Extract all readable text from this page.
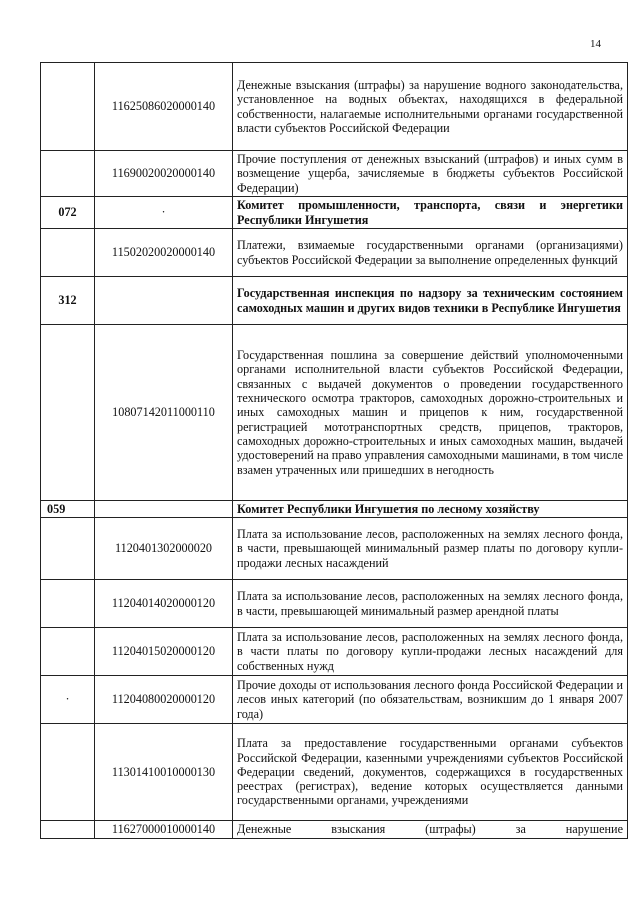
14
	11625086020000140	Денежные взыскания (штрафы) за нарушение водного законодательства, установленное на водных объектах, находящихся в федеральной собственности, налагаемые исполнительными органами государственной власти субъектов Российской Федерации
	11690020020000140	Прочие поступления от денежных взысканий (штрафов) и иных сумм в возмещение ущерба, зачисляемые в бюджеты субъектов Российской Федерации)
072	·	Комитет промышленности, транспорта, связи и энергетики Республики Ингушетия
	11502020020000140	Платежи, взимаемые государственными органами (организациями) субъектов Российской Федерации за выполнение определенных функций
312		Государственная инспекция по надзору за техническим состоянием самоходных машин и других видов техники в Республике Ингушетия
	10807142011000110	Государственная пошлина за совершение действий уполномоченными органами исполнительной власти субъектов Российской Федерации, связанных с выдачей документов о проведении государственного технического осмотра тракторов, самоходных дорожно-строительных и иных самоходных машин и прицепов к ним, государственной регистрацией мототранспортных средств, прицепов, тракторов, самоходных дорожно-строительных и иных самоходных машин, выдачей удостоверений на право управления самоходными машинами, в том числе взамен утраченных или пришедших в негодность
059		Комитет Республики Ингушетия по лесному хозяйству
	1120401302000020	Плата за использование лесов, расположенных на землях лесного фонда, в части, превышающей минимальный размер платы по договору купли-продажи лесных насаждений
	11204014020000120	Плата за использование лесов, расположенных на землях лесного фонда, в части, превышающей минимальный размер арендной платы
	11204015020000120	Плата за использование лесов, расположенных на землях лесного фонда, в части платы по договору купли-продажи лесных насаждений для собственных нужд
·	11204080020000120	Прочие доходы от использования лесного фонда Российской Федерации и лесов иных категорий (по обязательствам, возникшим до 1 января 2007 года)
	11301410010000130	Плата за предоставление государственными органами субъектов Российской Федерации, казенными учреждениями субъектов Российской Федерации сведений, документов, содержащихся в государственных реестрах (регистрах), ведение которых осуществляется данными государственными органами, учреждениями
	11627000010000140	Денежные взыскания (штрафы) за нарушение
